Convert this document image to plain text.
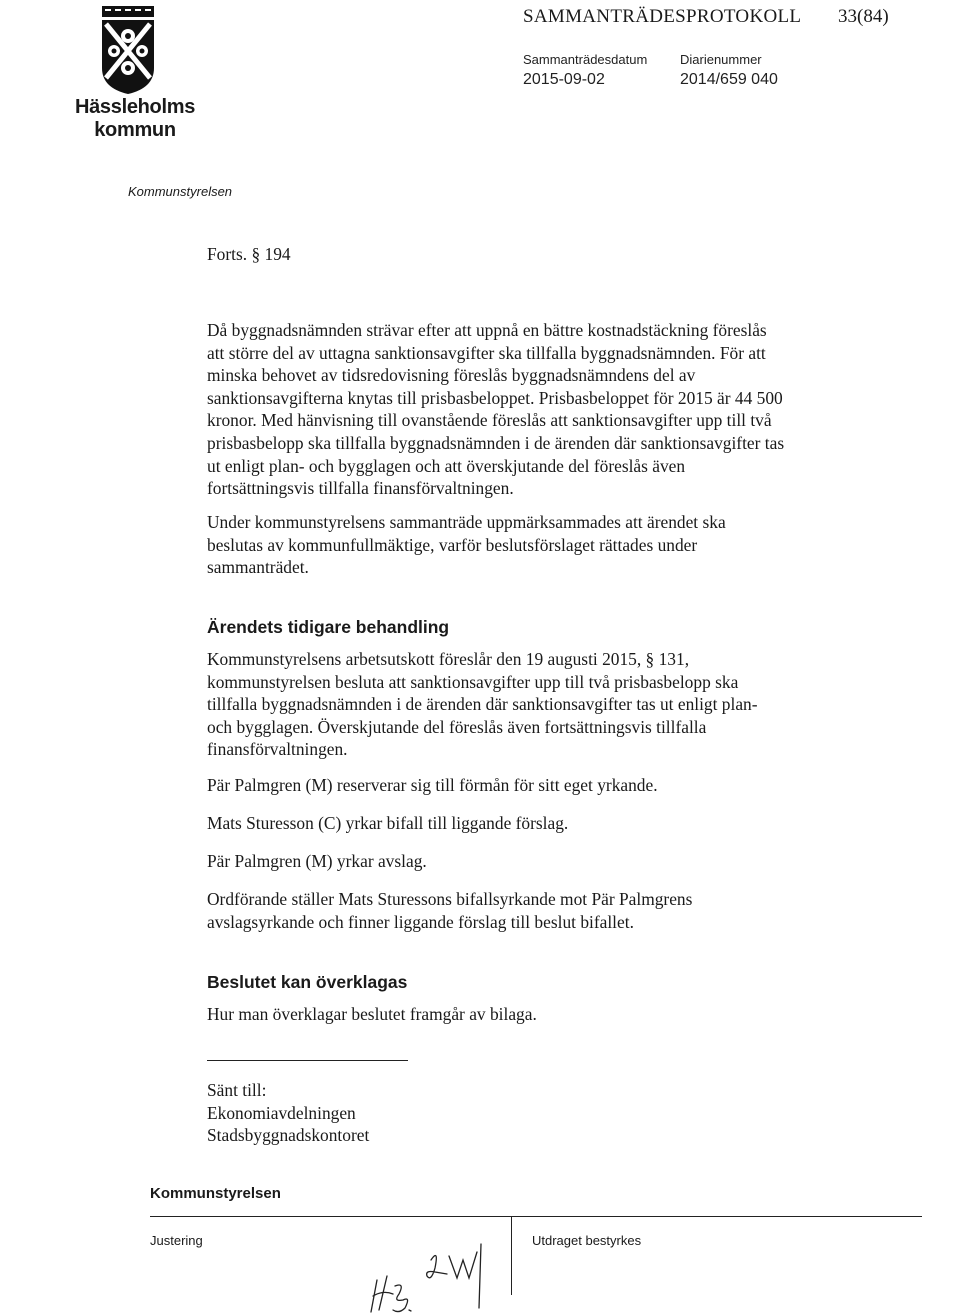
Hässleholms
kommun
SAMMANTRÄDESPROTOKOLL 33(84)
Sammanträdesdatum
2015-09-02
Diarienummer
2014/659 040
Kommunstyrelsen
Forts. § 194
Då byggnadsnämnden strävar efter att uppnå en bättre kostnadstäckning föreslås
att större del av uttagna sanktionsavgifter ska tillfalla byggnadsnämnden. För att
minska behovet av tidsredovisning föreslås byggnadsnämndens del av
sanktionsavgifterna knytas till prisbasbeloppet. Prisbasbeloppet för 2015 är 44 500
kronor. Med hänvisning till ovanstående föreslås att sanktionsavgifter upp till två
prisbasbelopp ska tillfalla byggnadsnämnden i de ärenden där sanktionsavgifter tas
ut enligt plan- och bygglagen och att överskjutande del föreslås även
fortsättningsvis tillfalla finansförvaltningen.
Under kommunstyrelsens sammanträde uppmärksammades att ärendet ska
beslutas av kommunfullmäktige, varför beslutsförslaget rättades under
sammanträdet.
Ärendets tidigare behandling
Kommunstyrelsens arbetsutskott föreslår den 19 augusti 2015, § 131,
kommunstyrelsen besluta att sanktionsavgifter upp till två prisbasbelopp ska
tillfalla byggnadsnämnden i de ärenden där sanktionsavgifter tas ut enligt plan-
och bygglagen. Överskjutande del föreslås även fortsättningsvis tillfalla
finansförvaltningen.
Pär Palmgren (M) reserverar sig till förmån för sitt eget yrkande.
Mats Sturesson (C) yrkar bifall till liggande förslag.
Pär Palmgren (M) yrkar avslag.
Ordförande ställer Mats Sturessons bifallsyrkande mot Pär Palmgrens
avslagsyrkande och finner liggande förslag till beslut bifallet.
Beslutet kan överklagas
Hur man överklagar beslutet framgår av bilaga.
Sänt till:
Ekonomiavdelningen
Stadsbyggnadskontoret
Kommunstyrelsen
Justering	Utdraget bestyrkes
